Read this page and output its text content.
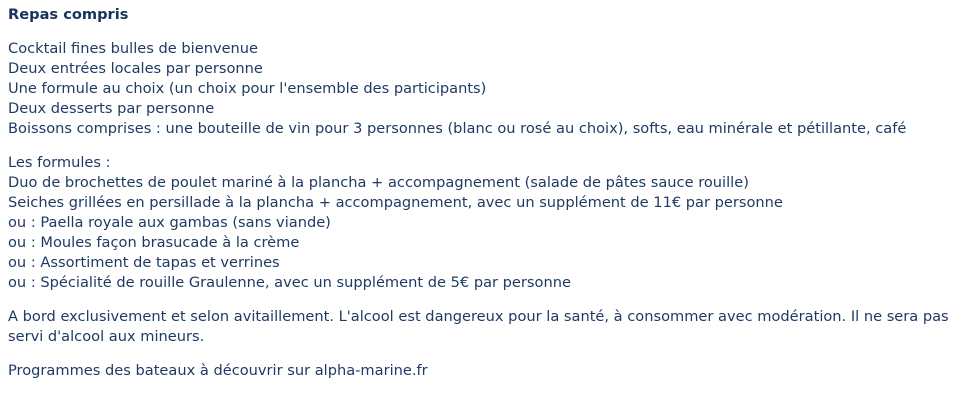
Repas compris
Cocktail fines bulles de bienvenue
Deux entrées locales par personne
Une formule au choix (un choix pour l'ensemble des participants)
Deux desserts par personne
Boissons comprises : une bouteille de vin pour 3 personnes (blanc ou rosé au choix), softs, eau minérale et pétillante, café
Les formules :
Duo de brochettes de poulet mariné à la plancha + accompagnement (salade de pâtes sauce rouille)
Seiches grillées en persillade à la plancha + accompagnement, avec un supplément de 11€ par personne
ou : Paella royale aux gambas (sans viande)
ou : Moules façon brasucade à la crème
ou : Assortiment de tapas et verrines
ou : Spécialité de rouille Graulenne, avec un supplément de 5€ par personne
A bord exclusivement et selon avitaillement. L'alcool est dangereux pour la santé, à consommer avec modération. Il ne sera pas servi d'alcool aux mineurs.
Programmes des bateaux à découvrir sur alpha-marine.fr
